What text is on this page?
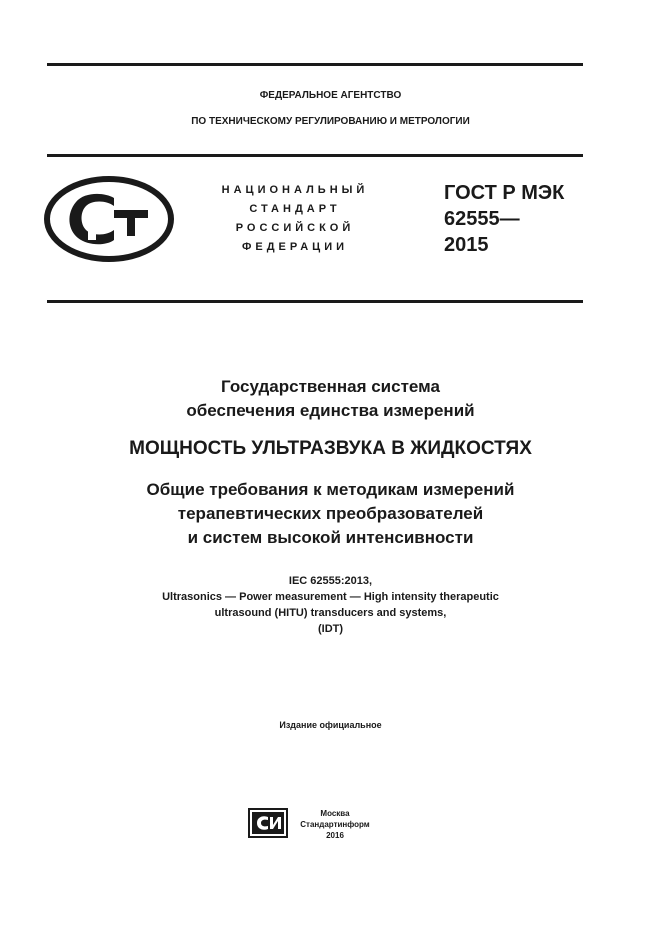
ФЕДЕРАЛЬНОЕ АГЕНТСТВО
ПО ТЕХНИЧЕСКОМУ РЕГУЛИРОВАНИЮ И МЕТРОЛОГИИ
НАЦИОНАЛЬНЫЙ
СТАНДАРТ
РОССИЙСКОЙ
ФЕДЕРАЦИИ
ГОСТ Р МЭК
62555—
2015
Государственная система
обеспечения единства измерений
МОЩНОСТЬ УЛЬТРАЗВУКА В ЖИДКОСТЯХ
Общие требования к методикам измерений
терапевтических преобразователей
и систем высокой интенсивности
IEC 62555:2013,
Ultrasonics — Power measurement — High intensity therapeutic
ultrasound (HITU) transducers and systems,
(IDT)
Издание официальное
Москва
Стандартинформ
2016
